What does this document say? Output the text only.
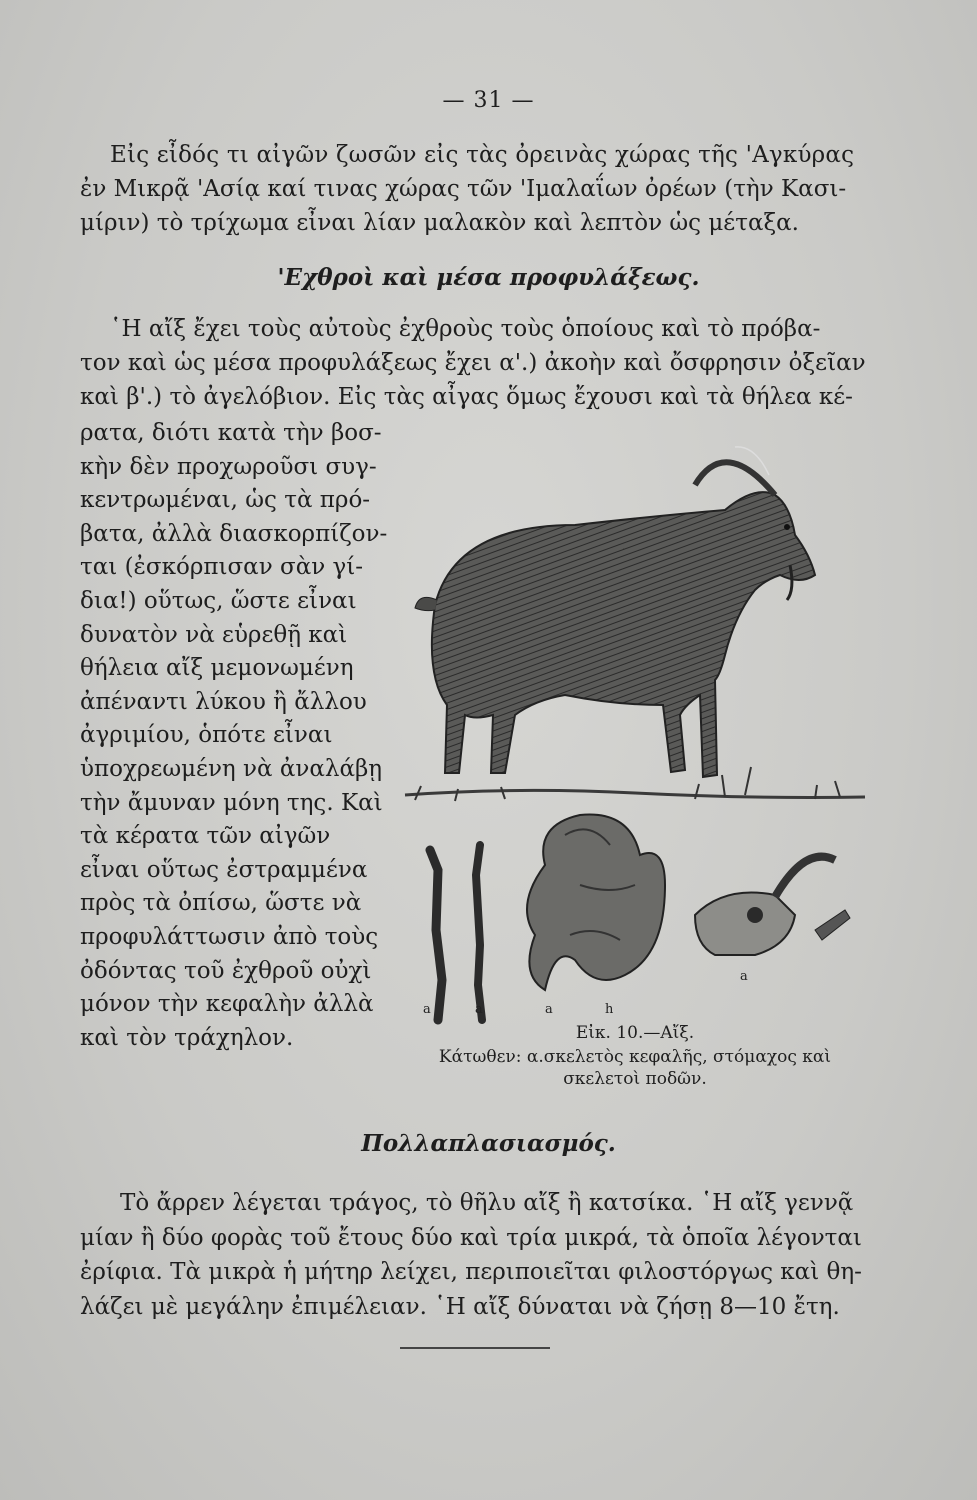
— 31 —

Εἰς εἶδός τι αἰγῶν ζωσῶν εἰς τὰς ὀρεινὰς χώρας τῆς 'Αγκύρας
ἐν Μικρᾷ 'Ασίᾳ καί τινας χώρας τῶν 'Ιμαλαΐων ὀρέων (τὴν Κασι-
μίριν) τὸ τρίχωμα εἶναι λίαν μαλακὸν καὶ λεπτὸν ὡς μέταξα.

'Εχθροὶ καὶ μέσα προφυλάξεως.

῾Η αἴξ ἔχει τοὺς αὐτοὺς ἐχθροὺς τοὺς ὁποίους καὶ τὸ πρόβα-
τον καὶ ὡς μέσα προφυλάξεως ἔχει α'.) ἀκοὴν καὶ ὄσφρησιν ὀξεῖαν
καὶ β'.) τὸ ἀγελόβιον. Εἰς τὰς αἶγας ὅμως ἔχουσι καὶ τὰ θήλεα κέ-

ρατα, διότι κατὰ τὴν βοσ-
κὴν δὲν προχωροῦσι συγ-
κεντρωμέναι, ὡς τὰ πρό-
βατα, ἀλλὰ διασκορπίζον-
ται (ἐσκόρπισαν σὰν γί-
δια!) οὕτως, ὥστε εἶναι
δυνατὸν νὰ εὑρεθῇ καὶ
θήλεια αἴξ μεμονωμένη
ἀπέναντι λύκου ἢ ἄλλου
ἀγριμίου, ὁπότε εἶναι
ὑποχρεωμένη νὰ ἀναλάβῃ
τὴν ἄμυναν μόνη της. Καὶ
τὰ κέρατα τῶν αἰγῶν
εἶναι οὕτως ἐστραμμένα
πρὸς τὰ ὀπίσω, ὥστε νὰ
προφυλάττωσιν ἀπὸ τοὺς
ὀδόντας τοῦ ἐχθροῦ οὐχὶ
μόνον τὴν κεφαλὴν ἀλλὰ
καὶ τὸν τράχηλον.

a	a	a	h
a
Εἰκ. 10.—Αἴξ.
Κάτωθεν: α.σκελετὸς κεφαλῆς, στόμαχος καὶ
σκελετοὶ ποδῶν.
Πολλαπλασιασμός.

Τὸ ἄρρεν λέγεται τράγος, τὸ θῆλυ αἴξ ἢ κατσίκα. ῾Η αἴξ γεννᾷ
μίαν ἢ δύο φορὰς τοῦ ἔτους δύο καὶ τρία μικρά, τὰ ὁποῖα λέγονται
ἐρίφια. Τὰ μικρὰ ἡ μήτηρ λείχει, περιποιεῖται φιλοστόργως καὶ θη-
λάζει μὲ μεγάλην ἐπιμέλειαν. ῾Η αἴξ δύναται νὰ ζήσῃ 8—10 ἔτη.
